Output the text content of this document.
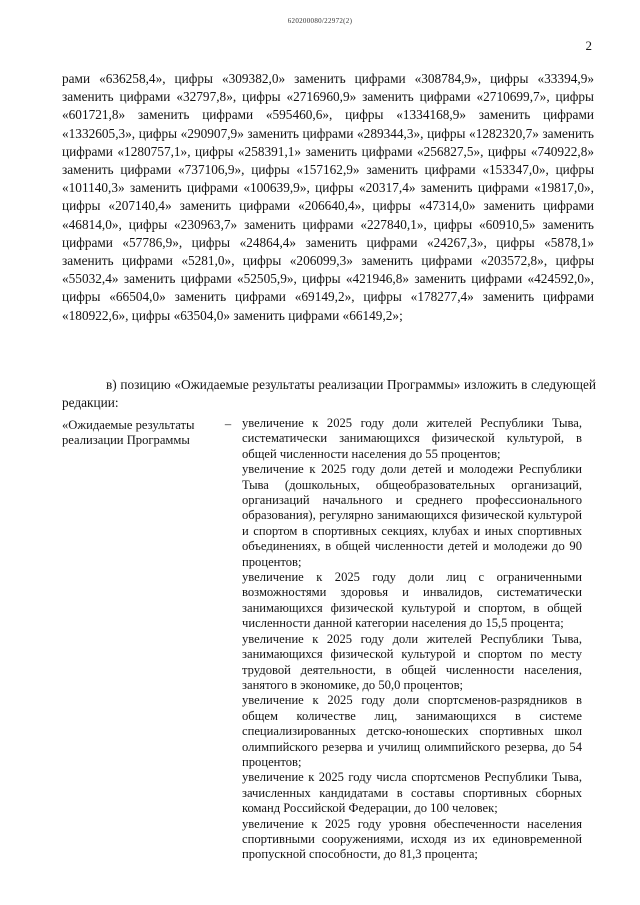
620200080/22972(2)
2

рами «636258,4», цифры «309382,0» заменить цифрами «308784,9», цифры «33394,9» заменить цифрами «32797,8», цифры «2716960,9» заменить цифрами «2710699,7», цифры «601721,8» заменить цифрами «595460,6», цифры «1334168,9» заменить цифрами «1332605,3», цифры «290907,9» заменить цифрами «289344,3», цифры «1282320,7» заменить цифрами «1280757,1», цифры «258391,1» заменить цифрами «256827,5», цифры «740922,8» заменить цифрами «737106,9», цифры «157162,9» заменить цифрами «153347,0», цифры «101140,3» заменить цифрами «100639,9», цифры «20317,4» заменить цифрами «19817,0», цифры «207140,4» заменить цифрами «206640,4», цифры «47314,0» заменить цифрами «46814,0», цифры «230963,7» заменить цифрами «227840,1», цифры «60910,5» заменить цифрами «57786,9», цифры «24864,4» заменить цифрами «24267,3», цифры «5878,1» заменить цифрами «5281,0», цифры «206099,3» заменить цифрами «203572,8», цифры «55032,4» заменить цифрами «52505,9», цифры «421946,8» заменить цифрами «424592,0», цифры «66504,0» заменить цифрами «69149,2», цифры «178277,4» заменить цифрами «180922,6», цифры «63504,0» заменить цифрами «66149,2»;

в) позицию «Ожидаемые результаты реализации Программы» изложить в следующей редакции:

«Ожидаемые результаты реализации Программы
– увеличение к 2025 году доли жителей Республики Тыва, систематически занимающихся физической культурой, в общей численности населения до 55 процентов;
увеличение к 2025 году доли детей и молодежи Республики Тыва (дошкольных, общеобразовательных организаций, организаций начального и среднего профессионального образования), регулярно занимающихся физической культурой и спортом в спортивных секциях, клубах и иных спортивных объединениях, в общей численности детей и молодежи до 90 процентов;
увеличение к 2025 году доли лиц с ограниченными возможностями здоровья и инвалидов, систематически занимающихся физической культурой и спортом, в общей численности данной категории населения до 15,5 процента;
увеличение к 2025 году доли жителей Республики Тыва, занимающихся физической культурой и спортом по месту трудовой деятельности, в общей численности населения, занятого в экономике, до 50,0 процентов;
увеличение к 2025 году доли спортсменов-разрядников в общем количестве лиц, занимающихся в системе специализированных детско-юношеских спортивных школ олимпийского резерва и училищ олимпийского резерва, до 54 процентов;
увеличение к 2025 году числа спортсменов Республики Тыва, зачисленных кандидатами в составы спортивных сборных команд Российской Федерации, до 100 человек;
увеличение к 2025 году уровня обеспеченности населения спортивными сооружениями, исходя из их единовременной пропускной способности, до 81,3 процента;
